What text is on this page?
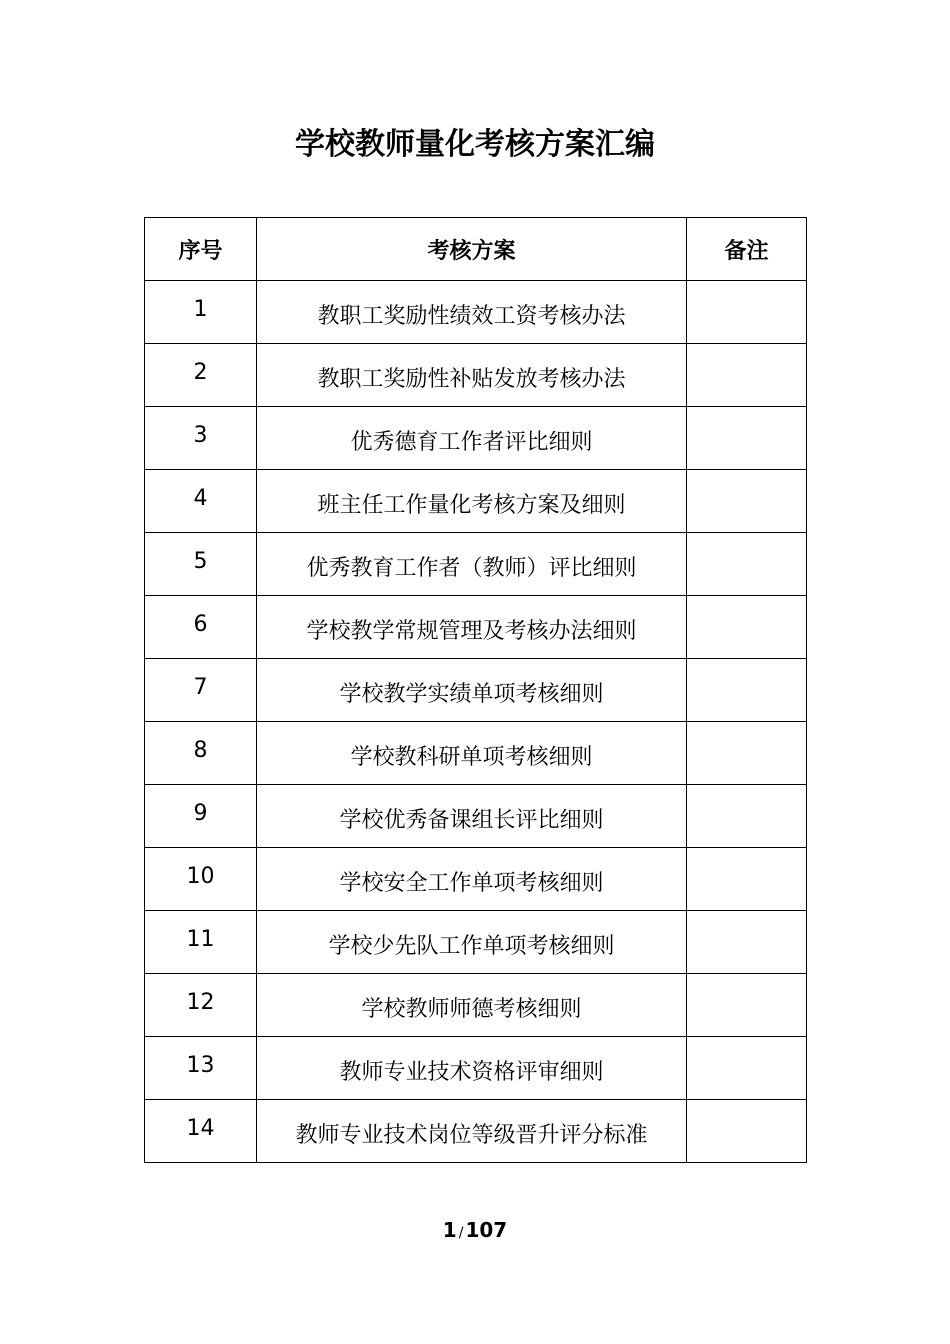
学校教师量化考核方案汇编
序号	考核方案	备注
1	教职工奖励性绩效工资考核办法	
2	教职工奖励性补贴发放考核办法	
3	优秀德育工作者评比细则	
4	班主任工作量化考核方案及细则	
5	优秀教育工作者（教师）评比细则	
6	学校教学常规管理及考核办法细则	
7	学校教学实绩单项考核细则	
8	学校教科研单项考核细则	
9	学校优秀备课组长评比细则	
10	学校安全工作单项考核细则	
11	学校少先队工作单项考核细则	
12	学校教师师德考核细则	
13	教师专业技术资格评审细则	
14	教师专业技术岗位等级晋升评分标准	
1 / 107
